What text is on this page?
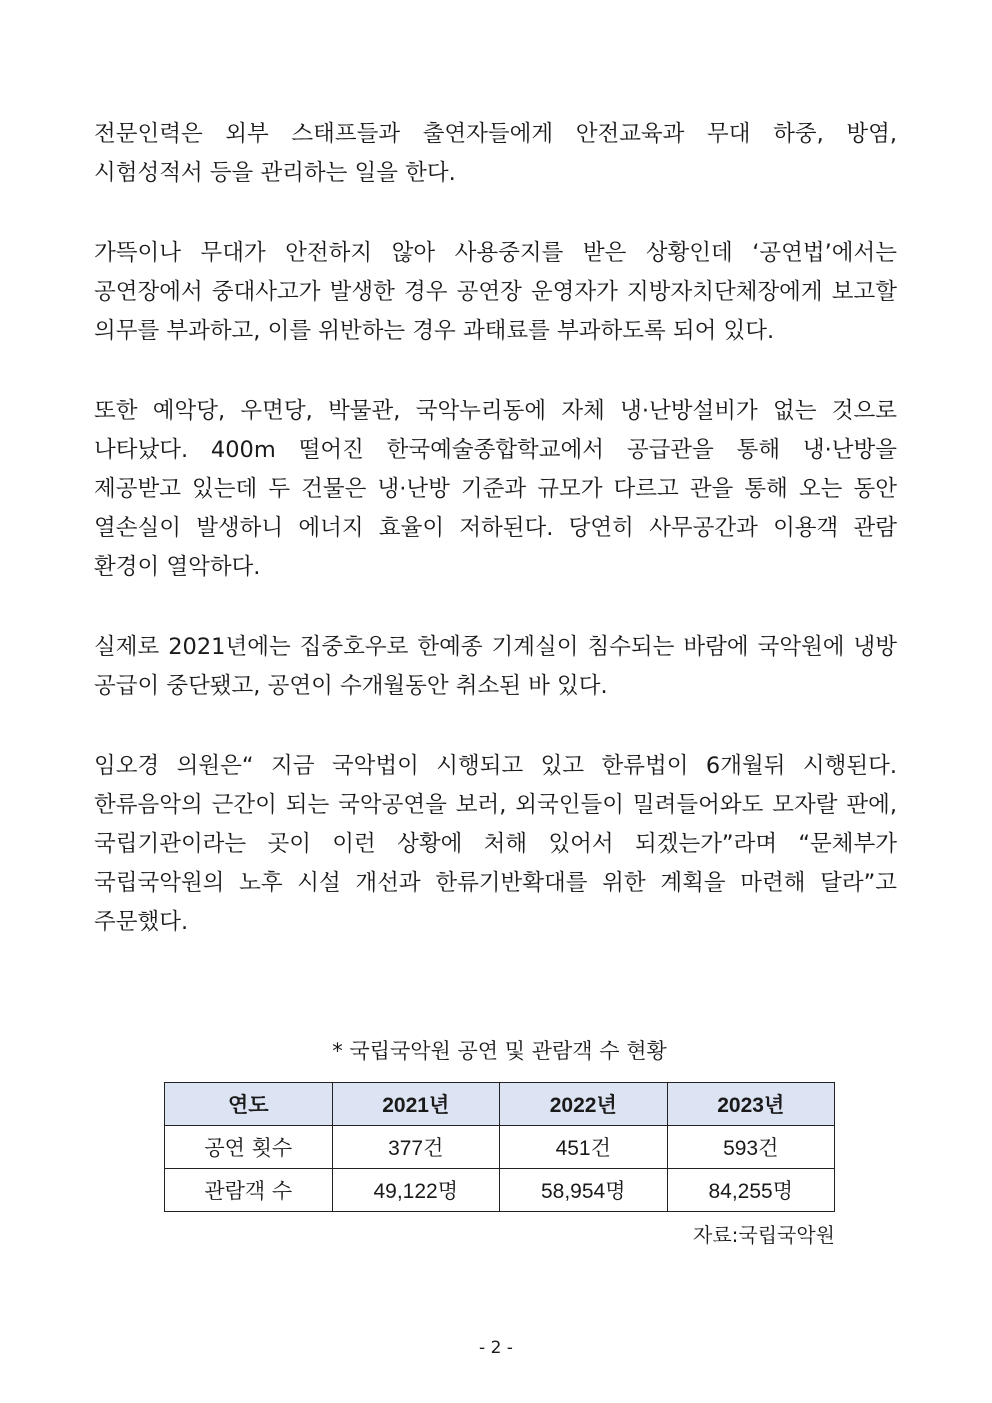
전문인력은 외부 스태프들과 출연자들에게 안전교육과 무대 하중, 방염, 시험성적서 등을 관리하는 일을 한다.

가뜩이나 무대가 안전하지 않아 사용중지를 받은 상황인데 ‘공연법’에서는 공연장에서 중대사고가 발생한 경우 공연장 운영자가 지방자치단체장에게 보고할 의무를 부과하고, 이를 위반하는 경우 과태료를 부과하도록 되어 있다.

또한 예악당, 우면당, 박물관, 국악누리동에 자체 냉·난방설비가 없는 것으로 나타났다. 400m 떨어진 한국예술종합학교에서 공급관을 통해 냉·난방을 제공받고 있는데 두 건물은 냉·난방 기준과 규모가 다르고 관을 통해 오는 동안 열손실이 발생하니 에너지 효율이 저하된다. 당연히 사무공간과 이용객 관람 환경이 열악하다.

실제로 2021년에는 집중호우로 한예종 기계실이 침수되는 바람에 국악원에 냉방 공급이 중단됐고, 공연이 수개월동안 취소된 바 있다.

임오경 의원은“ 지금 국악법이 시행되고 있고 한류법이 6개월뒤 시행된다. 한류음악의 근간이 되는 국악공연을 보러, 외국인들이 밀려들어와도 모자랄 판에, 국립기관이라는 곳이 이런 상황에 처해 있어서 되겠는가”라며 “문체부가 국립국악원의 노후 시설 개선과 한류기반확대를 위한 계획을 마련해 달라”고 주문했다.

* 국립국악원 공연 및 관람객 수 현황
연도	2021년	2022년	2023년
공연 횟수	377건	451건	593건
관람객 수	49,122명	58,954명	84,255명
자료:국립국악원
- 2 -
